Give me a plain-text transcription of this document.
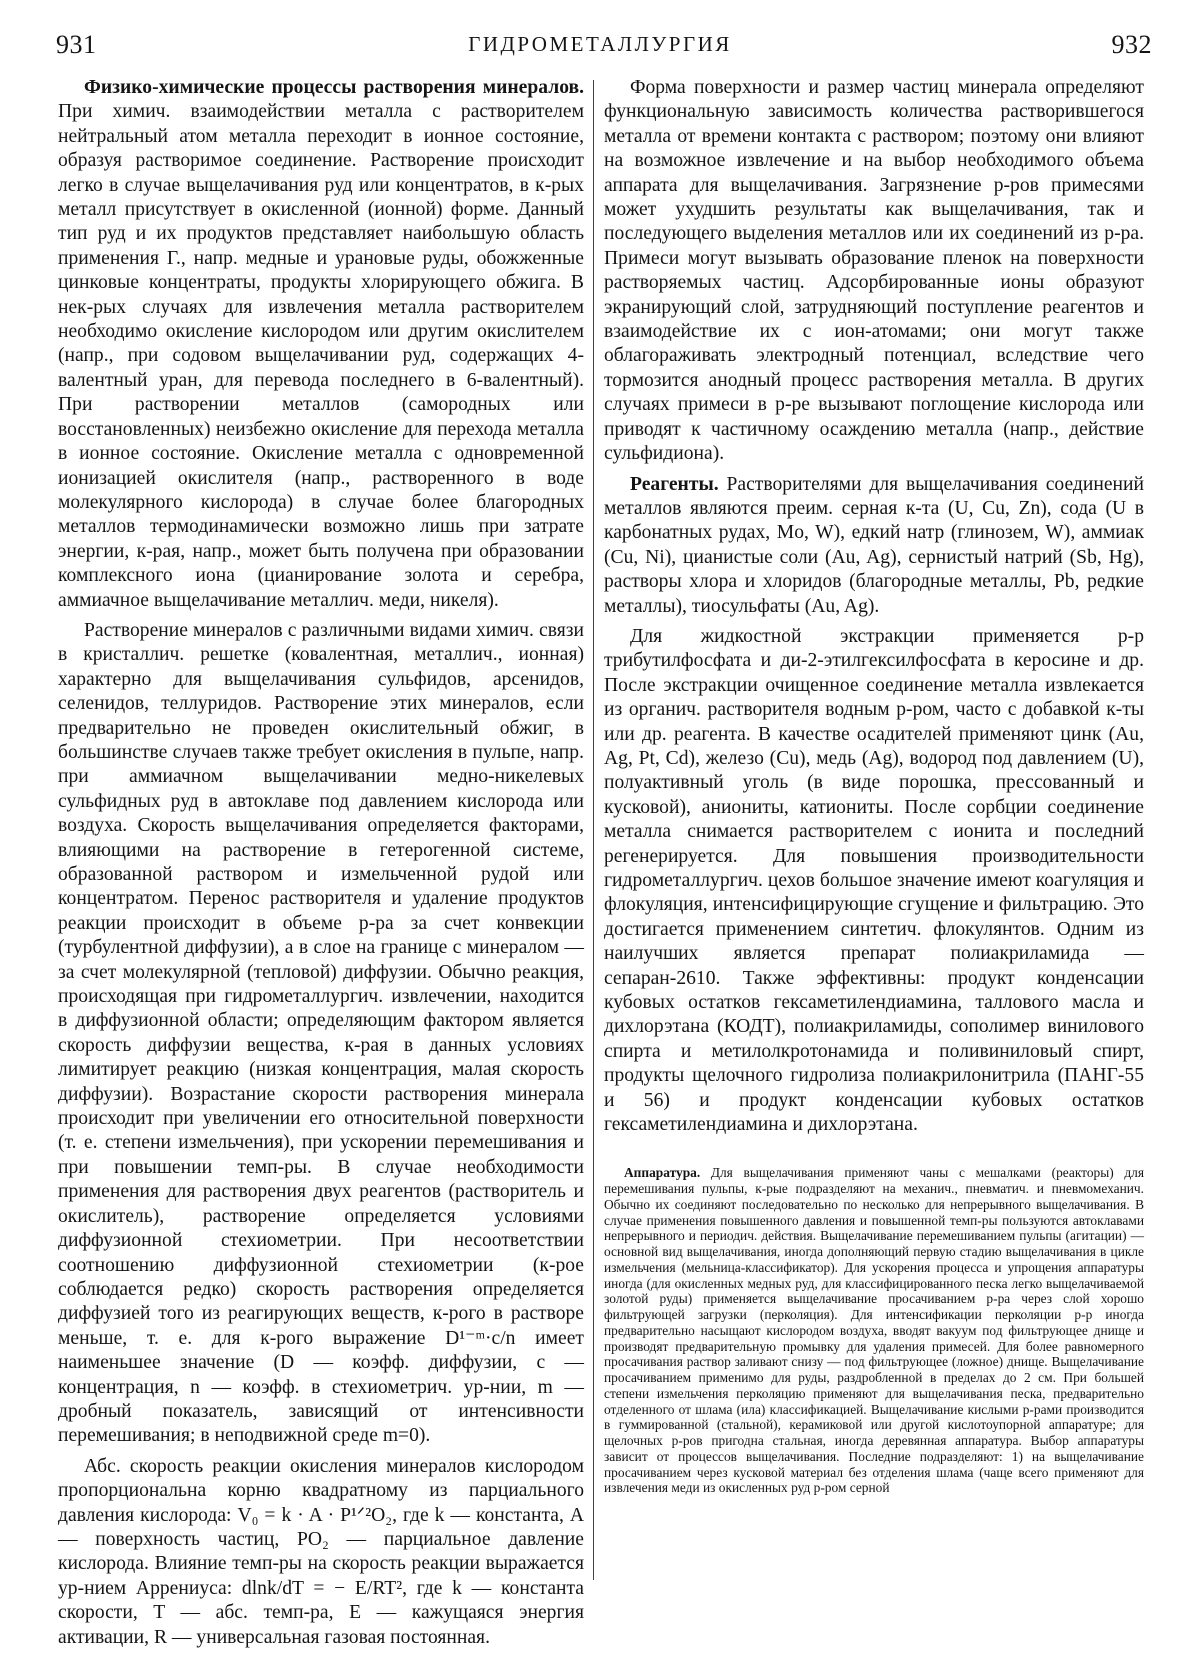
931	ГИДРОМЕТАЛЛУРГИЯ	932

Физико-химические процессы растворения минералов. При химич. взаимодействии металла с растворителем нейтральный атом металла переходит в ионное состояние, образуя растворимое соединение. Растворение происходит легко в случае выщелачивания руд или концентратов, в к-рых металл присутствует в окисленной (ионной) форме. Данный тип руд и их продуктов представляет наибольшую область применения Г., напр. медные и урановые руды, обожженные цинковые концентраты, продукты хлорирующего обжига. В нек-рых случаях для извлечения металла растворителем необходимо окисление кислородом или другим окислителем (напр., при содовом выщелачивании руд, содержащих 4-валентный уран, для перевода последнего в 6-валентный). При растворении металлов (самородных или восстановленных) неизбежно окисление для перехода металла в ионное состояние. Окисление металла с одновременной ионизацией окислителя (напр., растворенного в воде молекулярного кислорода) в случае более благородных металлов термодинамически возможно лишь при затрате энергии, к-рая, напр., может быть получена при образовании комплексного иона (цианирование золота и серебра, аммиачное выщелачивание металлич. меди, никеля).

Растворение минералов с различными видами химич. связи в кристаллич. решетке (ковалентная, металлич., ионная) характерно для выщелачивания сульфидов, арсенидов, селенидов, теллуридов. Растворение этих минералов, если предварительно не проведен окислительный обжиг, в большинстве случаев также требует окисления в пульпе, напр. при аммиачном выщелачивании медно-никелевых сульфидных руд в автоклаве под давлением кислорода или воздуха. Скорость выщелачивания определяется факторами, влияющими на растворение в гетерогенной системе, образованной раствором и измельченной рудой или концентратом. Перенос растворителя и удаление продуктов реакции происходит в объеме р-ра за счет конвекции (турбулентной диффузии), а в слое на границе с минералом — за счет молекулярной (тепловой) диффузии. Обычно реакция, происходящая при гидрометаллургич. извлечении, находится в диффузионной области; определяющим фактором является скорость диффузии вещества, к-рая в данных условиях лимитирует реакцию (низкая концентрация, малая скорость диффузии). Возрастание скорости растворения минерала происходит при увеличении его относительной поверхности (т. е. степени измельчения), при ускорении перемешивания и при повышении темп-ры. В случае необходимости применения для растворения двух реагентов (растворитель и окислитель), растворение определяется условиями диффузионной стехиометрии. При несоответствии соотношению диффузионной стехиометрии (к-рое соблюдается редко) скорость растворения определяется диффузией того из реагирующих веществ, к-рого в растворе меньше, т. е. для к-рого выражение D¹⁻ᵐ·c/n имеет наименьшее значение (D — коэфф. диффузии, c — концентрация, n — коэфф. в стехиометрич. ур-нии, m — дробный показатель, зависящий от интенсивности перемешивания; в неподвижной среде m=0).

Абс. скорость реакции окисления минералов кислородом пропорциональна корню квадратному из парциального давления кислорода: V₀ = k · A · P¹ᐟ²O₂, где k — константа, A — поверхность частиц, PO₂ — парциальное давление кислорода. Влияние темп-ры на скорость реакции выражается ур-нием Аррениуса: dlnk/dT = − E/RT², где k — константа скорости, T — абс. темп-ра, E — кажущаяся энергия активации, R — универсальная газовая постоянная.

Форма поверхности и размер частиц минерала определяют функциональную зависимость количества растворившегося металла от времени контакта с раствором; поэтому они влияют на возможное извлечение и на выбор необходимого объема аппарата для выщелачивания. Загрязнение р-ров примесями может ухудшить результаты как выщелачивания, так и последующего выделения металлов или их соединений из р-ра. Примеси могут вызывать образование пленок на поверхности растворяемых частиц. Адсорбированные ионы образуют экранирующий слой, затрудняющий поступление реагентов и взаимодействие их с ион-атомами; они могут также облагораживать электродный потенциал, вследствие чего тормозится анодный процесс растворения металла. В других случаях примеси в р-ре вызывают поглощение кислорода или приводят к частичному осаждению металла (напр., действие сульфидиона).

Реагенты. Растворителями для выщелачивания соединений металлов являются преим. серная к-та (U, Cu, Zn), сода (U в карбонатных рудах, Mo, W), едкий натр (глинозем, W), аммиак (Cu, Ni), цианистые соли (Au, Ag), сернистый натрий (Sb, Hg), растворы хлора и хлоридов (благородные металлы, Pb, редкие металлы), тиосульфаты (Au, Ag).

Для жидкостной экстракции применяется р-р трибутилфосфата и ди-2-этилгексилфосфата в керосине и др. После экстракции очищенное соединение металла извлекается из органич. растворителя водным р-ром, часто с добавкой к-ты или др. реагента. В качестве осадителей применяют цинк (Au, Ag, Pt, Cd), железо (Cu), медь (Ag), водород под давлением (U), полуактивный уголь (в виде порошка, прессованный и кусковой), аниониты, катиониты. После сорбции соединение металла снимается растворителем с ионита и последний регенерируется. Для повышения производительности гидрометаллургич. цехов большое значение имеют коагуляция и флокуляция, интенсифицирующие сгущение и фильтрацию. Это достигается применением синтетич. флокулянтов. Одним из наилучших является препарат полиакриламида — сепаран-2610. Также эффективны: продукт конденсации кубовых остатков гексаметилендиамина, таллового масла и дихлорэтана (КОДТ), полиакриламиды, сополимер винилового спирта и метилолкротонамида и поливиниловый спирт, продукты щелочного гидролиза полиакрилонитрила (ПАНГ-55 и 56) и продукт конденсации кубовых остатков гексаметилендиамина и дихлорэтана.

Аппаратура. Для выщелачивания применяют чаны с мешалками (реакторы) для перемешивания пульпы, к-рые подразделяют на механич., пневматич. и пневмомеханич. Обычно их соединяют последовательно по несколько для непрерывного выщелачивания. В случае применения повышенного давления и повышенной темп-ры пользуются автоклавами непрерывного и периодич. действия. Выщелачивание перемешиванием пульпы (агитации) — основной вид выщелачивания, иногда дополняющий первую стадию выщелачивания в цикле измельчения (мельница-классификатор). Для ускорения процесса и упрощения аппаратуры иногда (для окисленных медных руд, для классифицированного песка легко выщелачиваемой золотой руды) применяется выщелачивание просачиванием р-ра через слой хорошо фильтрующей загрузки (перколяция). Для интенсификации перколяции р-р иногда предварительно насыщают кислородом воздуха, вводят вакуум под фильтрующее днище и производят предварительную промывку для удаления примесей. Для более равномерного просачивания раствор заливают снизу — под фильтрующее (ложное) днище. Выщелачивание просачиванием применимо для руды, раздробленной в пределах до 2 см. При большей степени измельчения перколяцию применяют для выщелачивания песка, предварительно отделенного от шлама (ила) классификацией. Выщелачивание кислыми р-рами производится в гуммированной (стальной), керамиковой или другой кислотоупорной аппаратуре; для щелочных р-ров пригодна стальная, иногда деревянная аппаратура. Выбор аппаратуры зависит от процессов выщелачивания. Последние подразделяют: 1) на выщелачивание просачиванием через кусковой материал без отделения шлама (чаще всего применяют для извлечения меди из окисленных руд р-ром серной
